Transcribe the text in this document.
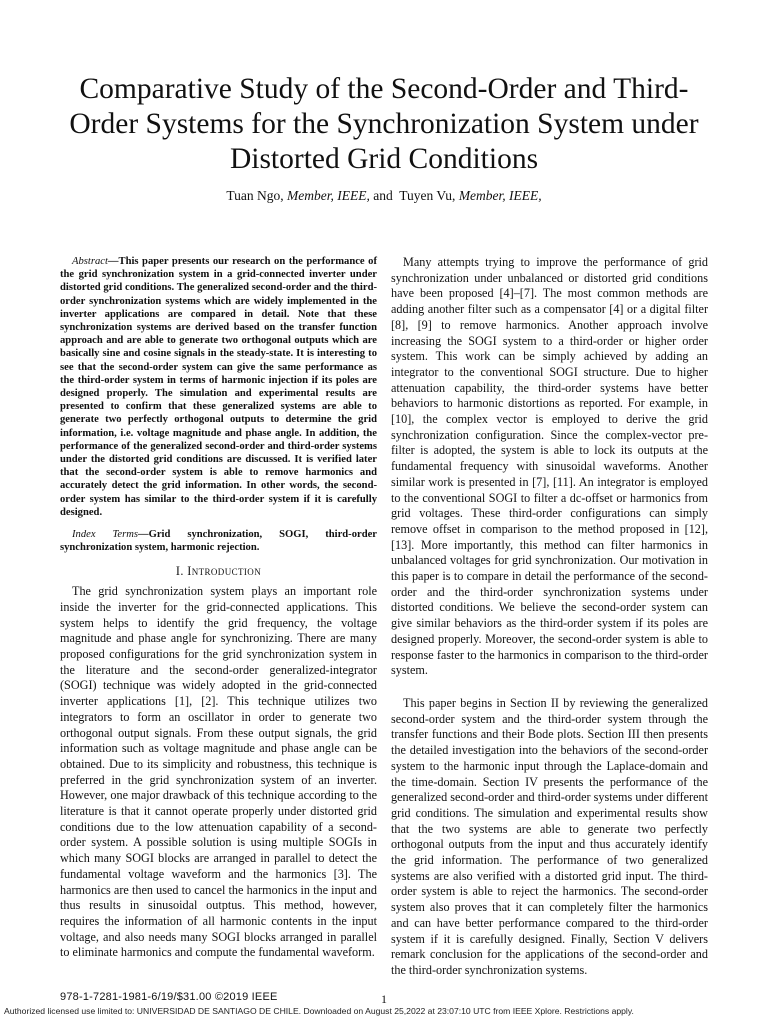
Comparative Study of the Second-Order and Third-Order Systems for the Synchronization System under Distorted Grid Conditions
Tuan Ngo, Member, IEEE, and Tuyen Vu, Member, IEEE,

Abstract—This paper presents our research on the performance of the grid synchronization system in a grid-connected inverter under distorted grid conditions. The generalized second-order and the third-order synchronization systems which are widely implemented in the inverter applications are compared in detail. Note that these synchronization systems are derived based on the transfer function approach and are able to generate two orthogonal outputs which are basically sine and cosine signals in the steady-state. It is interesting to see that the second-order system can give the same performance as the third-order system in terms of harmonic injection if its poles are designed properly. The simulation and experimental results are presented to confirm that these generalized systems are able to generate two perfectly orthogonal outputs to determine the grid information, i.e. voltage magnitude and phase angle. In addition, the performance of the generalized second-order and third-order systems under the distorted grid conditions are discussed. It is verified later that the second-order system is able to remove harmonics and accurately detect the grid information. In other words, the second-order system has similar to the third-order system if it is carefully designed.

Index Terms—Grid synchronization, SOGI, third-order synchronization system, harmonic rejection.

I. Introduction

The grid synchronization system plays an important role inside the inverter for the grid-connected applications. This system helps to identify the grid frequency, the voltage magnitude and phase angle for synchronizing. There are many proposed configurations for the grid synchronization system in the literature and the second-order generalized-integrator (SOGI) technique was widely adopted in the grid-connected inverter applications [1], [2]. This technique utilizes two integrators to form an oscillator in order to generate two orthogonal output signals. From these output signals, the grid information such as voltage magnitude and phase angle can be obtained. Due to its simplicity and robustness, this technique is preferred in the grid synchronization system of an inverter. However, one major drawback of this technique according to the literature is that it cannot operate properly under distorted grid conditions due to the low attenuation capability of a second-order system. A possible solution is using multiple SOGIs in which many SOGI blocks are arranged in parallel to detect the fundamental voltage waveform and the harmonics [3]. The harmonics are then used to cancel the harmonics in the input and thus results in sinusoidal outptus. This method, however, requires the information of all harmonic contents in the input voltage, and also needs many SOGI blocks arranged in parallel to eliminate harmonics and compute the fundamental waveform.

Many attempts trying to improve the performance of grid synchronization under unbalanced or distorted grid conditions have been proposed [4]–[7]. The most common methods are adding another filter such as a compensator [4] or a digital filter [8], [9] to remove harmonics. Another approach involve increasing the SOGI system to a third-order or higher order system. This work can be simply achieved by adding an integrator to the conventional SOGI structure. Due to higher attenuation capability, the third-order systems have better behaviors to harmonic distortions as reported. For example, in [10], the complex vector is employed to derive the grid synchronization configuration. Since the complex-vector pre-filter is adopted, the system is able to lock its outputs at the fundamental frequency with sinusoidal waveforms. Another similar work is presented in [7], [11]. An integrator is employed to the conventional SOGI to filter a dc-offset or harmonics from grid voltages. These third-order configurations can simply remove offset in comparison to the method proposed in [12], [13]. More importantly, this method can filter harmonics in unbalanced voltages for grid synchronization. Our motivation in this paper is to compare in detail the performance of the second-order and the third-order synchronization systems under distorted conditions. We believe the second-order system can give similar behaviors as the third-order system if its poles are designed properly. Moreover, the second-order system is able to response faster to the harmonics in comparison to the third-order system.

This paper begins in Section II by reviewing the generalized second-order system and the third-order system through the transfer functions and their Bode plots. Section III then presents the detailed investigation into the behaviors of the second-order system to the harmonic input through the Laplace-domain and the time-domain. Section IV presents the performance of the generalized second-order and third-order systems under different grid conditions. The simulation and experimental results show that the two systems are able to generate two perfectly orthogonal outputs from the input and thus accurately identify the grid information. The performance of two generalized systems are also verified with a distorted grid input. The third-order system is able to reject the harmonics. The second-order system also proves that it can completely filter the harmonics and can have better performance compared to the third-order system if it is carefully designed. Finally, Section V delivers remark conclusion for the applications of the second-order and the third-order synchronization systems.

978-1-7281-1981-6/19/$31.00 ©2019 IEEE	1
Authorized licensed use limited to: UNIVERSIDAD DE SANTIAGO DE CHILE. Downloaded on August 25,2022 at 23:07:10 UTC from IEEE Xplore. Restrictions apply.
